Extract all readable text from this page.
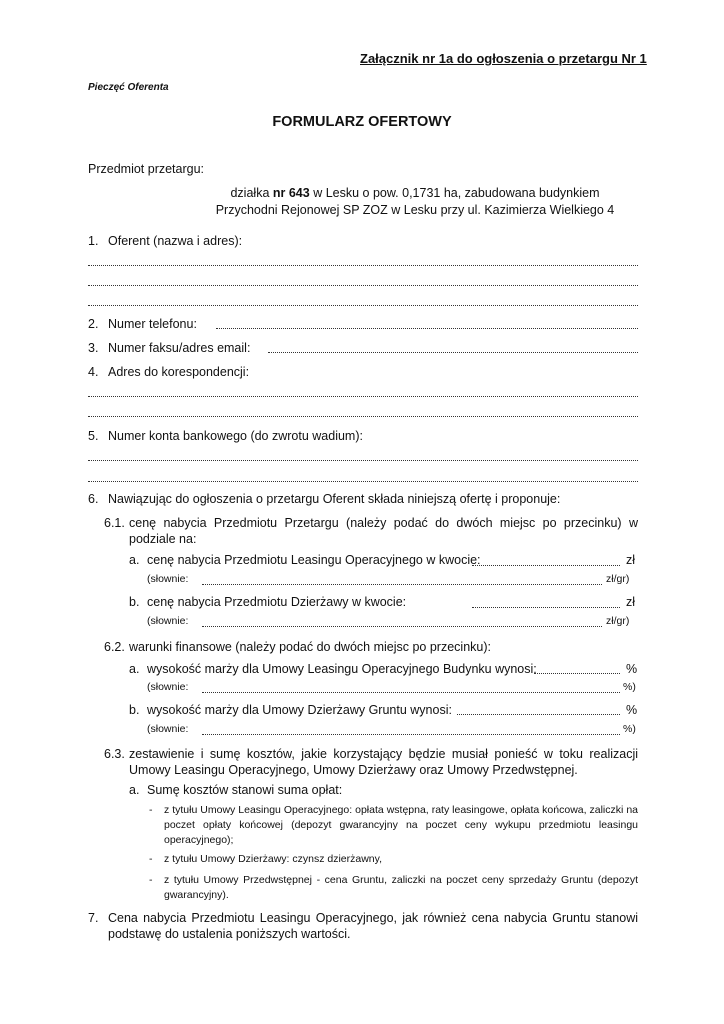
Załącznik nr 1a do ogłoszenia o przetargu Nr 1
Pieczęć Oferenta
FORMULARZ OFERTOWY
Przedmiot przetargu:
działka nr 643 w Lesku o pow. 0,1731 ha, zabudowana budynkiem
Przychodni Rejonowej SP ZOZ w Lesku przy ul. Kazimierza Wielkiego 4
1. Oferent (nazwa i adres):
2. Numer telefonu:
3. Numer faksu/adres email:
4. Adres do korespondencji:
5. Numer konta bankowego (do zwrotu wadium):
6. Nawiązując do ogłoszenia o przetargu Oferent składa niniejszą ofertę i proponuje:
6.1. cenę nabycia Przedmiotu Przetargu (należy podać do dwóch miejsc po przecinku) w podziale na:
a. cenę nabycia Przedmiotu Leasingu Operacyjnego w kwocie:	zł
(słownie:	zł/gr)
b. cenę nabycia Przedmiotu Dzierżawy w kwocie:	zł
(słownie:	zł/gr)
6.2. warunki finansowe (należy podać do dwóch miejsc po przecinku):
a. wysokość marży dla Umowy Leasingu Operacyjnego Budynku wynosi:	%
(słownie:	%)
b. wysokość marży dla Umowy Dzierżawy Gruntu wynosi:	%
(słownie:	%)
6.3. zestawienie i sumę kosztów, jakie korzystający będzie musiał ponieść w toku realizacji Umowy Leasingu Operacyjnego, Umowy Dzierżawy oraz Umowy Przedwstępnej.
a. Sumę kosztów stanowi suma opłat:
- z tytułu Umowy Leasingu Operacyjnego: opłata wstępna, raty leasingowe, opłata końcowa, zaliczki na poczet opłaty końcowej (depozyt gwarancyjny na poczet ceny wykupu przedmiotu leasingu operacyjnego);
- z tytułu Umowy Dzierżawy: czynsz dzierżawny,
- z tytułu Umowy Przedwstępnej - cena Gruntu, zaliczki na poczet ceny sprzedaży Gruntu (depozyt gwarancyjny).
7. Cena nabycia Przedmiotu Leasingu Operacyjnego, jak również cena nabycia Gruntu stanowi podstawę do ustalenia poniższych wartości.
